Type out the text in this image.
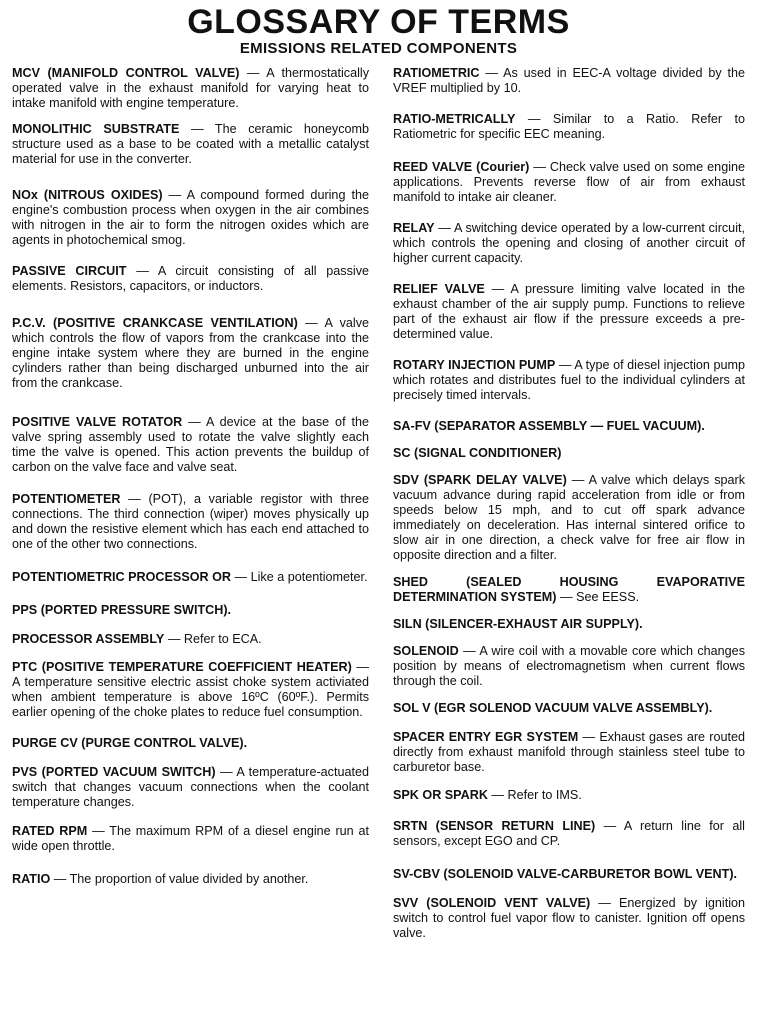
GLOSSARY OF TERMS
EMISSIONS RELATED COMPONENTS

MCV (MANIFOLD CONTROL VALVE) — A thermostatically operated valve in the exhaust manifold for varying heat to intake manifold with engine temperature.

MONOLITHIC SUBSTRATE — The ceramic honeycomb structure used as a base to be coated with a metallic catalyst material for use in the converter.

NOx (NITROUS OXIDES) — A compound formed during the engine's combustion process when oxygen in the air combines with nitrogen in the air to form the nitrogen oxides which are agents in photochemical smog.

PASSIVE CIRCUIT — A circuit consisting of all passive elements. Resistors, capacitors, or inductors.

P.C.V. (POSITIVE CRANKCASE VENTILATION) — A valve which controls the flow of vapors from the crankcase into the engine intake system where they are burned in the engine cylinders rather than being discharged unburned into the air from the crankcase.

POSITIVE VALVE ROTATOR — A device at the base of the valve spring assembly used to rotate the valve slightly each time the valve is opened. This action prevents the buildup of carbon on the valve face and valve seat.

POTENTIOMETER — (POT), a variable registor with three connections. The third connection (wiper) moves physically up and down the resistive element which has each end attached to one of the other two connections.

POTENTIOMETRIC PROCESSOR OR — Like a potentiometer.

PPS (PORTED PRESSURE SWITCH).

PROCESSOR ASSEMBLY — Refer to ECA.

PTC (POSITIVE TEMPERATURE COEFFICIENT HEATER) — A temperature sensitive electric assist choke system activiated when ambient temperature is above 16ºC (60ºF.). Permits earlier opening of the choke plates to reduce fuel consumption.

PURGE CV (PURGE CONTROL VALVE).

PVS (PORTED VACUUM SWITCH) — A temperature-actuated switch that changes vacuum connections when the coolant temperature changes.

RATED RPM — The maximum RPM of a diesel engine run at wide open throttle.

RATIO — The proportion of value divided by another.

RATIOMETRIC — As used in EEC-A voltage divided by the VREF multiplied by 10.

RATIO-METRICALLY — Similar to a Ratio. Refer to Ratiometric for specific EEC meaning.

REED VALVE (Courier) — Check valve used on some engine applications. Prevents reverse flow of air from exhaust manifold to intake air cleaner.

RELAY — A switching device operated by a low-current circuit, which controls the opening and closing of another circuit of higher current capacity.

RELIEF VALVE — A pressure limiting valve located in the exhaust chamber of the air supply pump. Functions to relieve part of the exhaust air flow if the pressure exceeds a pre-determined value.

ROTARY INJECTION PUMP — A type of diesel injection pump which rotates and distributes fuel to the individual cylinders at precisely timed intervals.

SA-FV (SEPARATOR ASSEMBLY — FUEL VACUUM).

SC (SIGNAL CONDITIONER)

SDV (SPARK DELAY VALVE) — A valve which delays spark vacuum advance during rapid acceleration from idle or from speeds below 15 mph, and to cut off spark advance immediately on deceleration. Has internal sintered orifice to slow air in one direction, a check valve for free air flow in opposite direction and a filter.

SHED (SEALED HOUSING EVAPORATIVE DETERMINATION SYSTEM) — See EESS.

SILN (SILENCER-EXHAUST AIR SUPPLY).

SOLENOID — A wire coil with a movable core which changes position by means of electromagnetism when current flows through the coil.

SOL V (EGR SOLENOD VACUUM VALVE ASSEMBLY).

SPACER ENTRY EGR SYSTEM — Exhaust gases are routed directly from exhaust manifold through stainless steel tube to carburetor base.

SPK OR SPARK — Refer to IMS.

SRTN (SENSOR RETURN LINE) — A return line for all sensors, except EGO and CP.

SV-CBV (SOLENOID VALVE-CARBURETOR BOWL VENT).

SVV (SOLENOID VENT VALVE) — Energized by ignition switch to control fuel vapor flow to canister. Ignition off opens valve.
